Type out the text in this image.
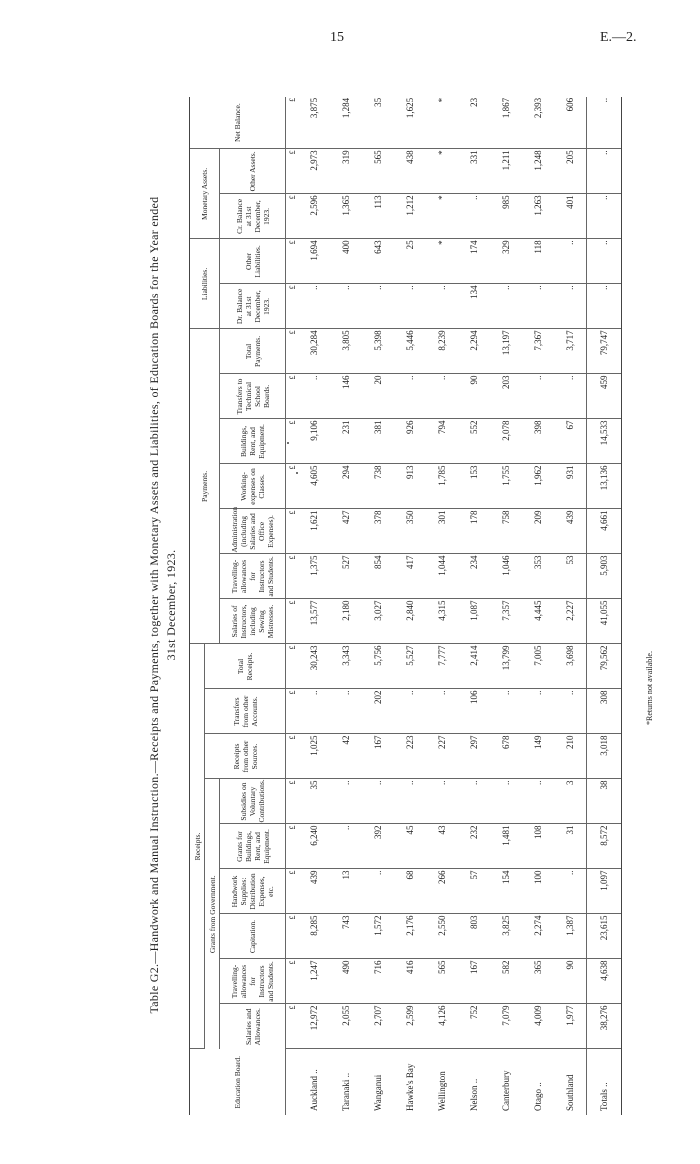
15	E.—2.
Table G2.—Handwork and Manual Instruction.—Receipts and Payments, together with Monetary Assets and Liabilities, of Education Boards for the Year ended 31st December, 1923.
Education Board.	Receipts.									Payments.							Liabilities.		Monetary Assets.		Net Balance.
	Grants from Government.						Receipts from other Sources.	Transfers from other Accounts.	Total Receipts.												
	Salaries and Allowances.	Travelling-allowances for Instructors and Students.	Capitation.	Handwork Supplies: Distribution Expenses, etc.	Grants for Buildings, Rent, and Equipment.	Subsidies on Voluntary Contributions.				Salaries of Instructors, including Sewing Mistresses.	Travelling-allowances for Instructors and Students.	Administration (including Salaries and Office Expenses).	Working-expenses on Classes.	Buildings, Rent, and Equipment.	Transfers to Technical School Boards.	Total Payments.	Dr. Balance at 31st December, 1923.	Other Liabilities.	Cr. Balance at 31st December, 1923.	Other Assets.	
	£	£	£	£	£	£	£	£	£	£	£	£	£	£	£	£	£	£	£	£	£
Auckland ..	12,972	1,247	8,285	439	6,240	35	1,025	..	30,243	13,577	1,375	1,621	4,605	9,106	..	30,284	..	1,694	2,596	2,973	3,875
Taranaki ..	2,055	490	743	13	..	..	42	..	3,343	2,180	527	427	294	231	146	3,805	..	400	1,365	319	1,284
Wanganui	2,707	716	1,572	..	392	..	167	202	5,756	3,027	854	378	738	381	20	5,398	..	643	113	565	35
Hawke's Bay	2,599	416	2,176	68	45	..	223	..	5,527	2,840	417	350	913	926	..	5,446	..	25	1,212	438	1,625
Wellington	4,126	565	2,550	266	43	..	227	..	7,777	4,315	1,044	301	1,785	794	..	8,239	..	*	*	*	*
Nelson ..	752	167	803	57	232	..	297	106	2,414	1,087	234	178	153	552	90	2,294	134	174	..	331	23
Canterbury	7,079	582	3,825	154	1,481	..	678	..	13,799	7,357	1,046	758	1,755	2,078	203	13,197	..	329	985	1,211	1,867
Otago ..	4,009	365	2,274	100	108	..	149	..	7,005	4,445	353	209	1,962	398	..	7,367	..	118	1,263	1,248	2,393
Southland	1,977	90	1,387	..	31	3	210	..	3,698	2,227	53	439	931	67	..	3,717	..	..	401	205	606
Totals ..	38,276	4,638	23,615	1,097	8,572	38	3,018	308	79,562	41,055	5,903	4,661	13,136	14,533	459	79,747	..	..	..	..	..
*Returns not available.
